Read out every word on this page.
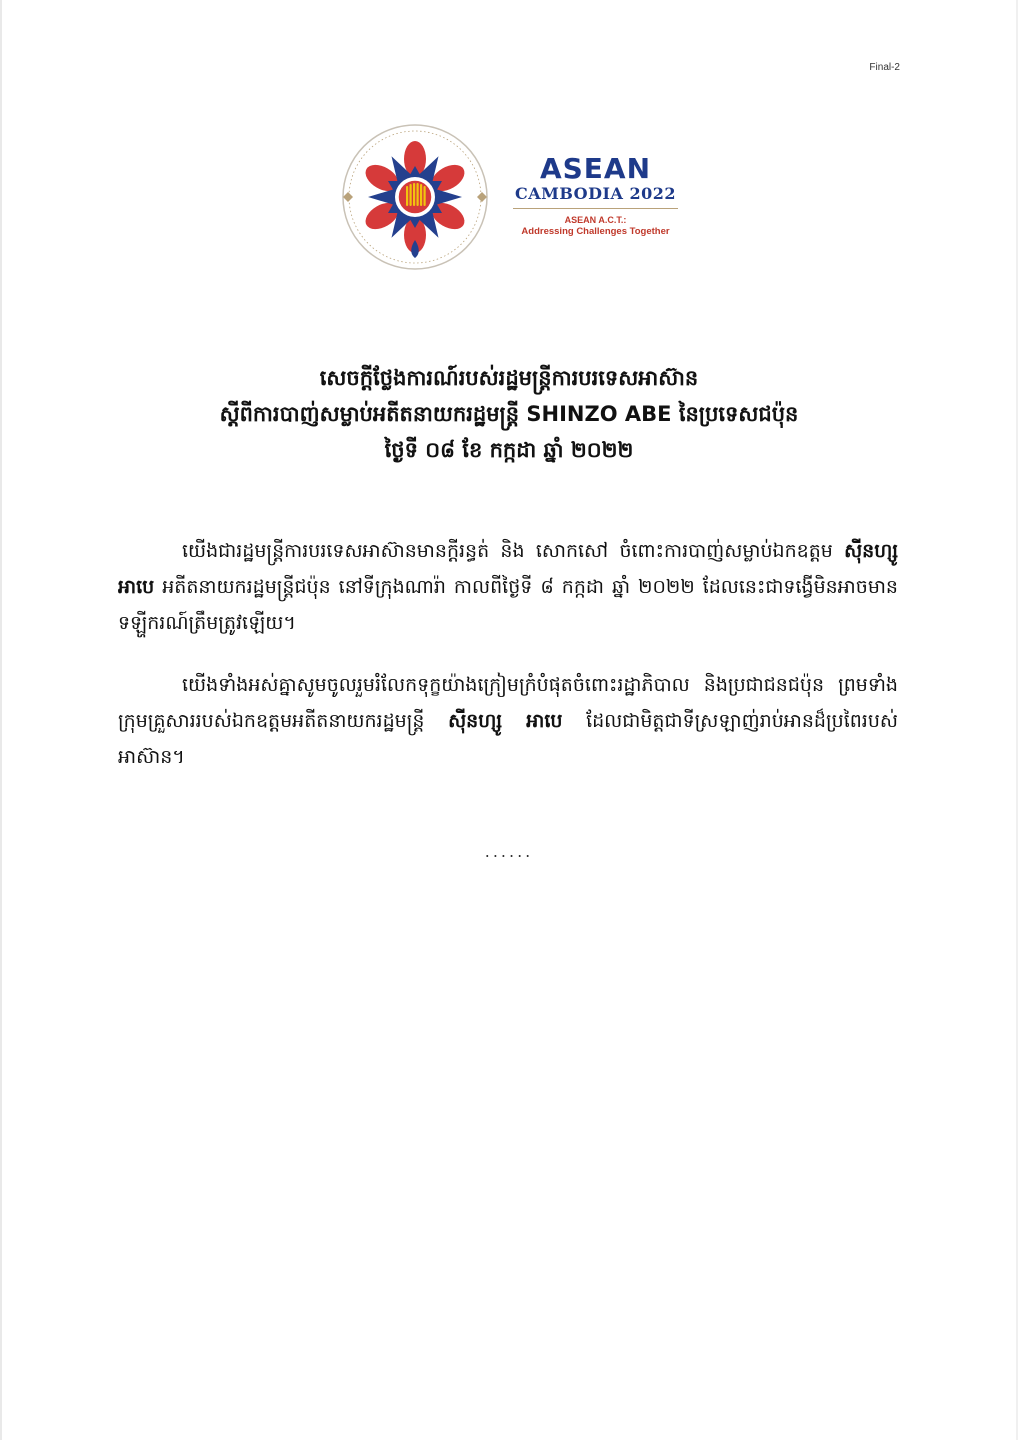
Final-2
ASEAN
CAMBODIA 2022
ASEAN A.C.T.:
Addressing Challenges Together
សេចក្តីថ្លែងការណ៍របស់រដ្ឋមន្ត្រីការបរទេសអាស៊ាន
ស្តីពីការបាញ់សម្លាប់អតីតនាយករដ្ឋមន្ត្រី SHINZO ABE នៃប្រទេសជប៉ុន
ថ្ងៃទី ០៨ ខែ កក្កដា ឆ្នាំ ២០២២

យើងជារដ្ឋមន្ត្រីការបរទេសអាស៊ានមានក្តីរន្ធត់ និង សោកសៅ ចំពោះការបាញ់សម្លាប់ឯកឧត្តម ស៊ីនហ្សូ អាបេ អតីតនាយករដ្ឋមន្ត្រីជប៉ុន នៅទីក្រុងណារ៉ា កាលពីថ្ងៃទី ៨ កក្កដា ឆ្នាំ ២០២២ ដែលនេះជាទង្វើមិនអាចមានទឡ្ហីករណ៍ត្រឹមត្រូវឡើយ។

យើងទាំងអស់គ្នាសូមចូលរួមរំលែកទុក្ខយ៉ាងក្រៀមក្រំបំផុតចំពោះរដ្ឋាភិបាល និងប្រជាជនជប៉ុន ព្រមទាំងក្រុមគ្រួសាររបស់ឯកឧត្តមអតីតនាយករដ្ឋមន្ត្រី ស៊ីនហ្សូ អាបេ ដែលជាមិត្តជាទីស្រឡាញ់រាប់អានដ៏ប្រពៃរបស់អាស៊ាន។

......
